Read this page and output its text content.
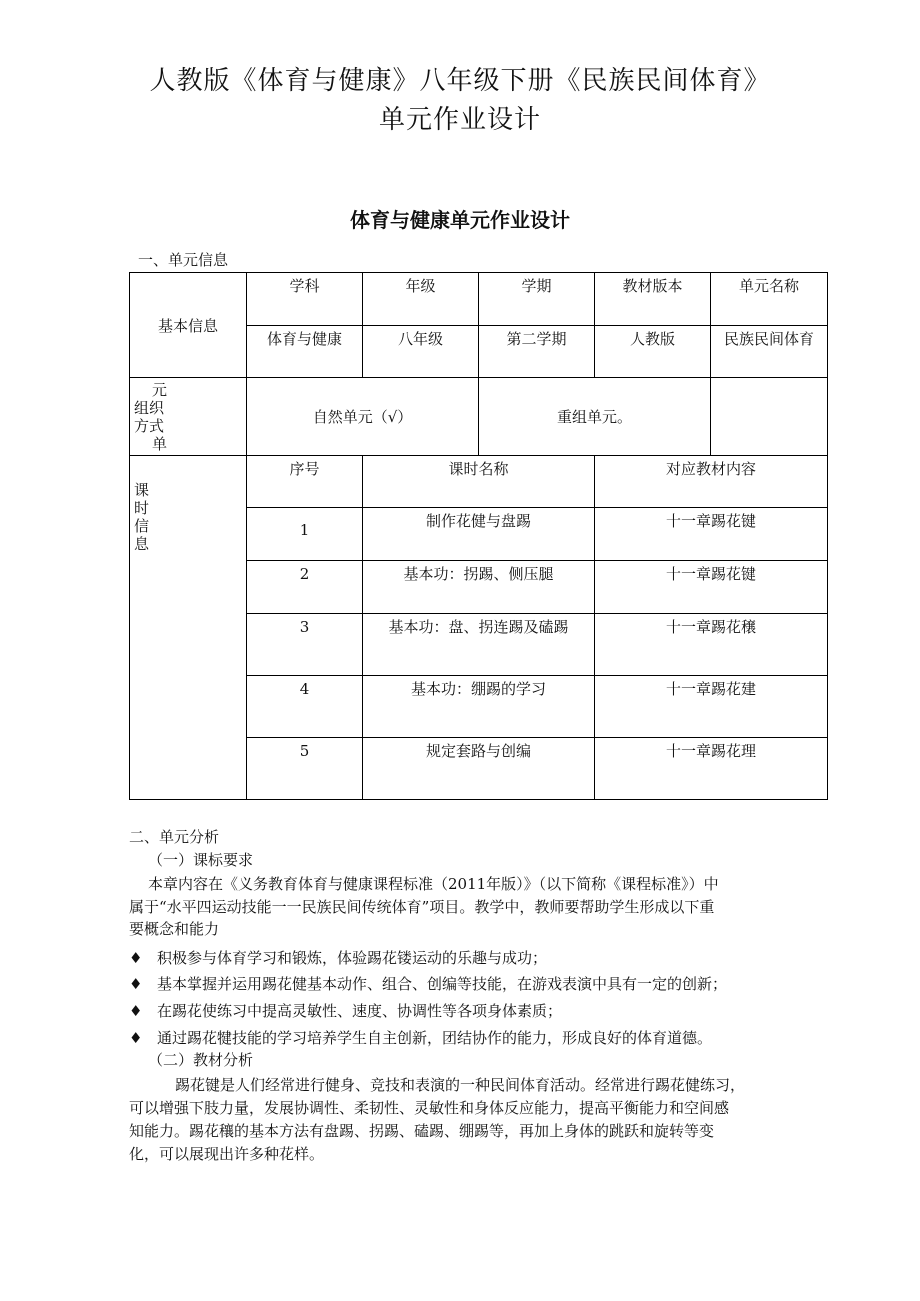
人教版《体育与健康》八年级下册《民族民间体育》
单元作业设计
体育与健康单元作业设计
一、单元信息
基本信息	学科	年级	学期	教材版本	单元名称

	体育与健康	八年级	第二学期	人教版	民族民间体育

元
组织
方式
单	自然单元（√）		重组单元。		

课
时
信
息	序号	课时名称		对应教材内容	

	1	制作花健与盘踢		十一章踢花键	

	2	基本功：拐踢、侧压腿		十一章踢花键	

	3	基本功：盘、拐连踢及磕踢		十一章踢花穣	

	4	基本功：绷踢的学习		十一章踢花建	

	5	规定套路与创编		十一章踢花理	
二、单元分析
（一）课标要求
本章内容在《义务教育体育与健康课程标准（2011年版）》（以下简称《课程标准》）中
属于“水平四运动技能一一民族民间传统体育”项目。教学中，教师要帮助学生形成以下重
要概念和能力
♦ 积极参与体育学习和锻炼，体验踢花镂运动的乐趣与成功；
♦ 基本掌握并运用踢花健基本动作、组合、创编等技能，在游戏表演中具有一定的创新；
♦ 在踢花使练习中提高灵敏性、速度、协调性等各项身体素质；
♦ 通过踢花犍技能的学习培养学生自主创新，团结协作的能力，形成良好的体育道德。
（二）教材分析
踢花键是人们经常进行健身、竞技和表演的一种民间体育活动。经常进行踢花健练习，
可以增强下肢力量，发展协调性、柔韧性、灵敏性和身体反应能力，提高平衡能力和空间感
知能力。踢花穰的基本方法有盘踢、拐踢、磕踢、绷踢等，再加上身体的跳跃和旋转等变
化，可以展现出许多种花样。
